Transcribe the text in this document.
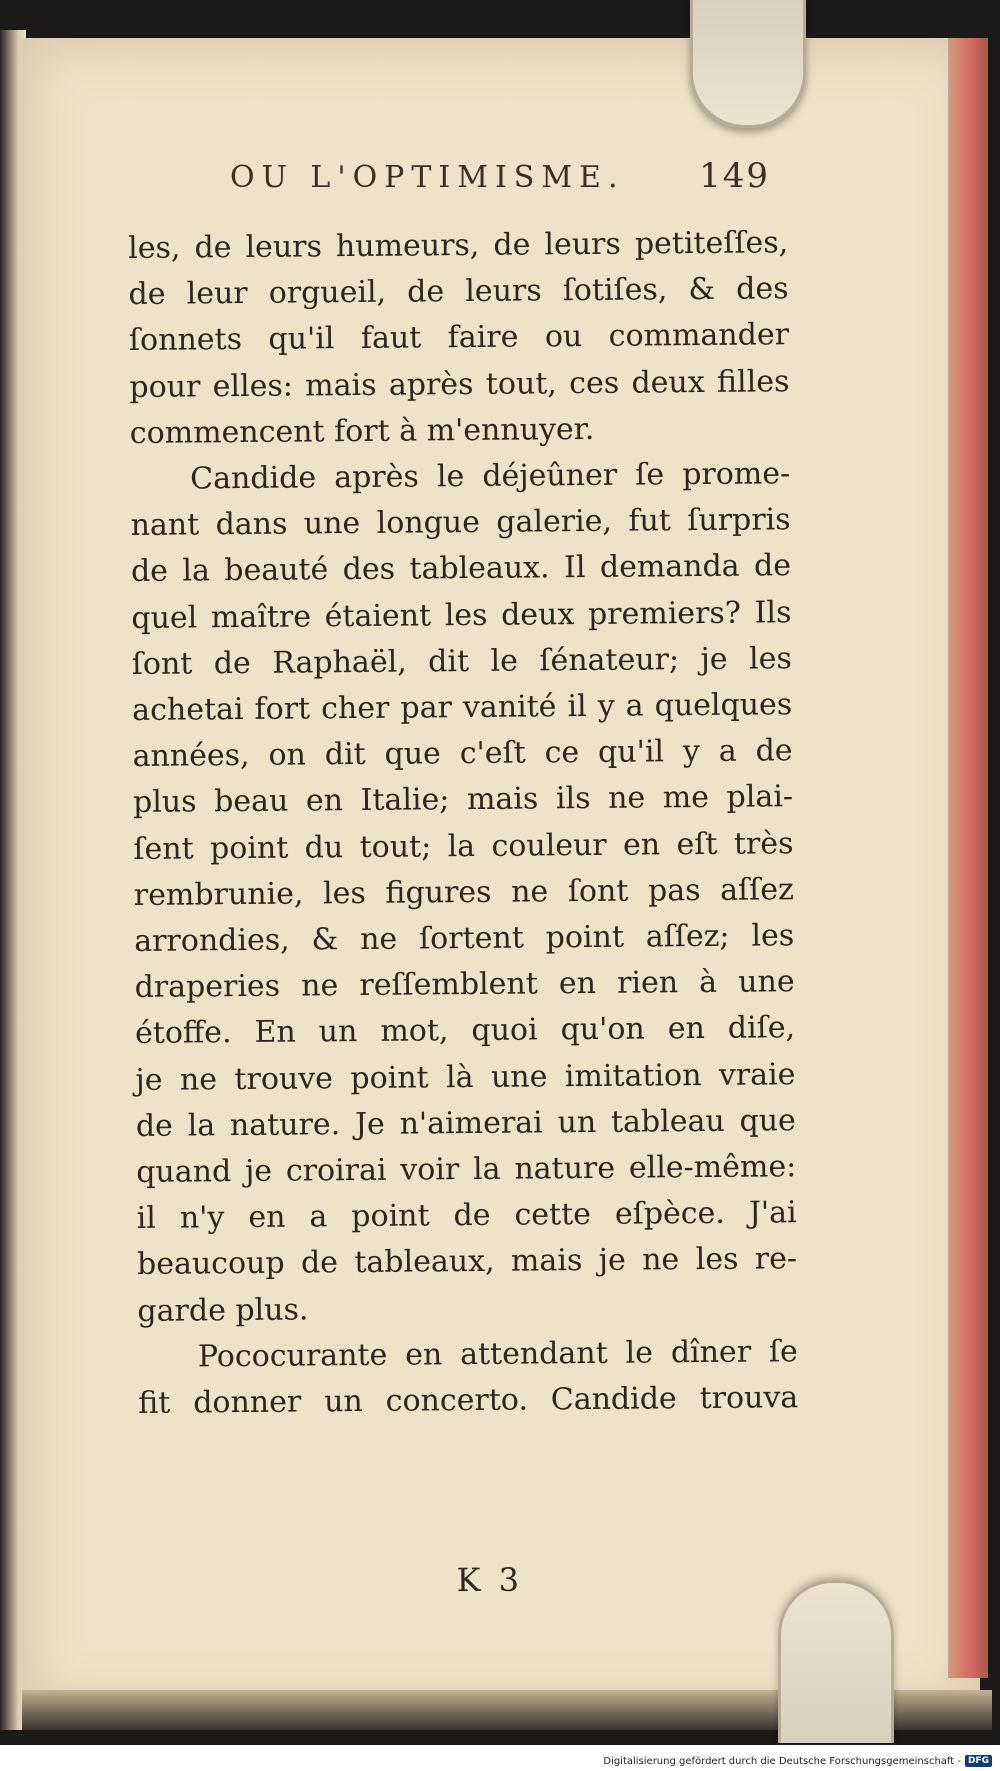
OU L'OPTIMISME. 149
les, de leurs humeurs, de leurs petiteſſes,
de leur orgueil, de leurs ſotiſes, & des
ſonnets qu'il faut faire ou commander
pour elles: mais après tout, ces deux filles
commencent fort à m'ennuyer.
Candide après le déjeûner ſe prome-
nant dans une longue galerie, fut ſurpris
de la beauté des tableaux. Il demanda de
quel maître étaient les deux premiers? Ils
ſont de Raphaël, dit le ſénateur; je les
achetai fort cher par vanité il y a quelques
années, on dit que c'eſt ce qu'il y a de
plus beau en Italie; mais ils ne me plai-
ſent point du tout; la couleur en eſt très
rembrunie, les figures ne ſont pas aſſez
arrondies, & ne ſortent point aſſez; les
draperies ne reſſemblent en rien à une
étoffe. En un mot, quoi qu'on en diſe,
je ne trouve point là une imitation vraie
de la nature. Je n'aimerai un tableau que
quand je croirai voir la nature elle-même:
il n'y en a point de cette eſpèce. J'ai
beaucoup de tableaux, mais je ne les re-
garde plus.
Pococurante en attendant le dîner ſe
fit donner un concerto. Candide trouva
K 3
Digitalisierung gefördert durch die Deutsche Forschungsgemeinschaft - DFG
